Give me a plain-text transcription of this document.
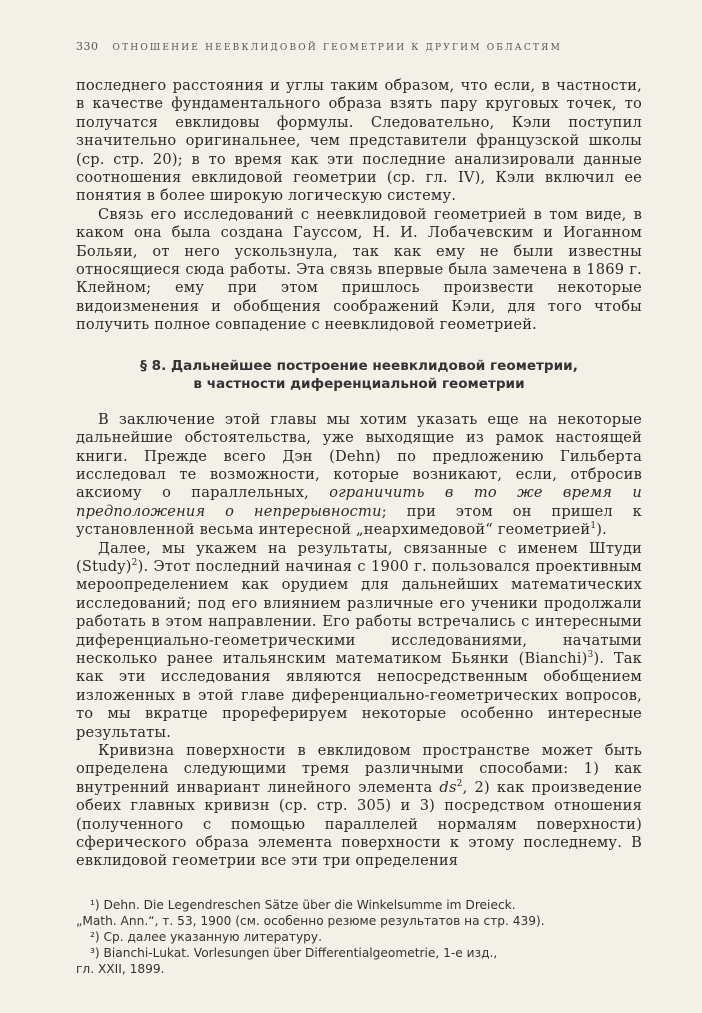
330 ОТНОШЕНИЕ НЕЕВКЛИДОВОЙ ГЕОМЕТРИИ К ДРУГИМ ОБЛАСТЯМ

последнего расстояния и углы таким образом, что если, в частности, в качестве фундаментального образа взять пару круговых точек, то получатся евклидовы формулы. Следовательно, Кэли поступил значительно оригинальнее, чем представители французской школы (ср. стр. 20); в то время как эти последние анализировали данные соотношения евклидовой геометрии (ср. гл. IV), Кэли включил ее понятия в более широкую логическую систему.

Связь его исследований с неевклидовой геометрией в том виде, в каком она была создана Гауссом, Н. И. Лобачевским и Иоганном Больяи, от него ускользнула, так как ему не были известны относящиеся сюда работы. Эта связь впервые была замечена в 1869 г. Клейном; ему при этом пришлось произвести некоторые видоизменения и обобщения соображений Кэли, для того чтобы получить полное совпадение с неевклидовой геометрией.

§ 8. Дальнейшее построение неевклидовой геометрии,
в частности диференциальной геометрии

В заключение этой главы мы хотим указать еще на некоторые дальнейшие обстоятельства, уже выходящие из рамок настоящей книги. Прежде всего Дэн (Dehn) по предложению Гильберта исследовал те возможности, которые возникают, если, отбросив аксиому о параллельных, ограничить в то же время и предположения о непрерывности; при этом он пришел к установленной весьма интересной „неархимедовой“ геометрией$^1$).

Далее, мы укажем на результаты, связанные с именем Штуди (Study)$^2$). Этот последний начиная с 1900 г. пользовался проективным мероопределением как орудием для дальнейших математических исследований; под его влиянием различные его ученики продолжали работать в этом направлении. Его работы встречались с интересными диференциально-геометрическими исследованиями, начатыми несколько ранее итальянским математиком Бьянки (Bianchi)$^3$). Так как эти исследования являются непосредственным обобщением изложенных в этой главе диференциально-геометрических вопросов, то мы вкратце прореферируем некоторые особенно интересные результаты.

Кривизна поверхности в евклидовом пространстве может быть определена следующими тремя различными способами: 1) как внутренний инвариант линейного элемента $ds^2$, 2) как произведение обеих главных кривизн (ср. стр. 305) и 3) посредством отношения (полученного с помощью параллелей нормалям поверхности) сферического образа элемента поверхности к этому последнему. В евклидовой геометрии все эти три определения

¹) Dehn. Die Legendreschen Sätze über die Winkelsumme im Dreieck.

„Math. Ann.“, т. 53, 1900 (см. особенно резюме результатов на стр. 439).

²) Ср. далее указанную литературу.

³) Bianchi-Lukat. Vorlesungen über Differentialgeometrie, 1-е изд.,

гл. XXII, 1899.
